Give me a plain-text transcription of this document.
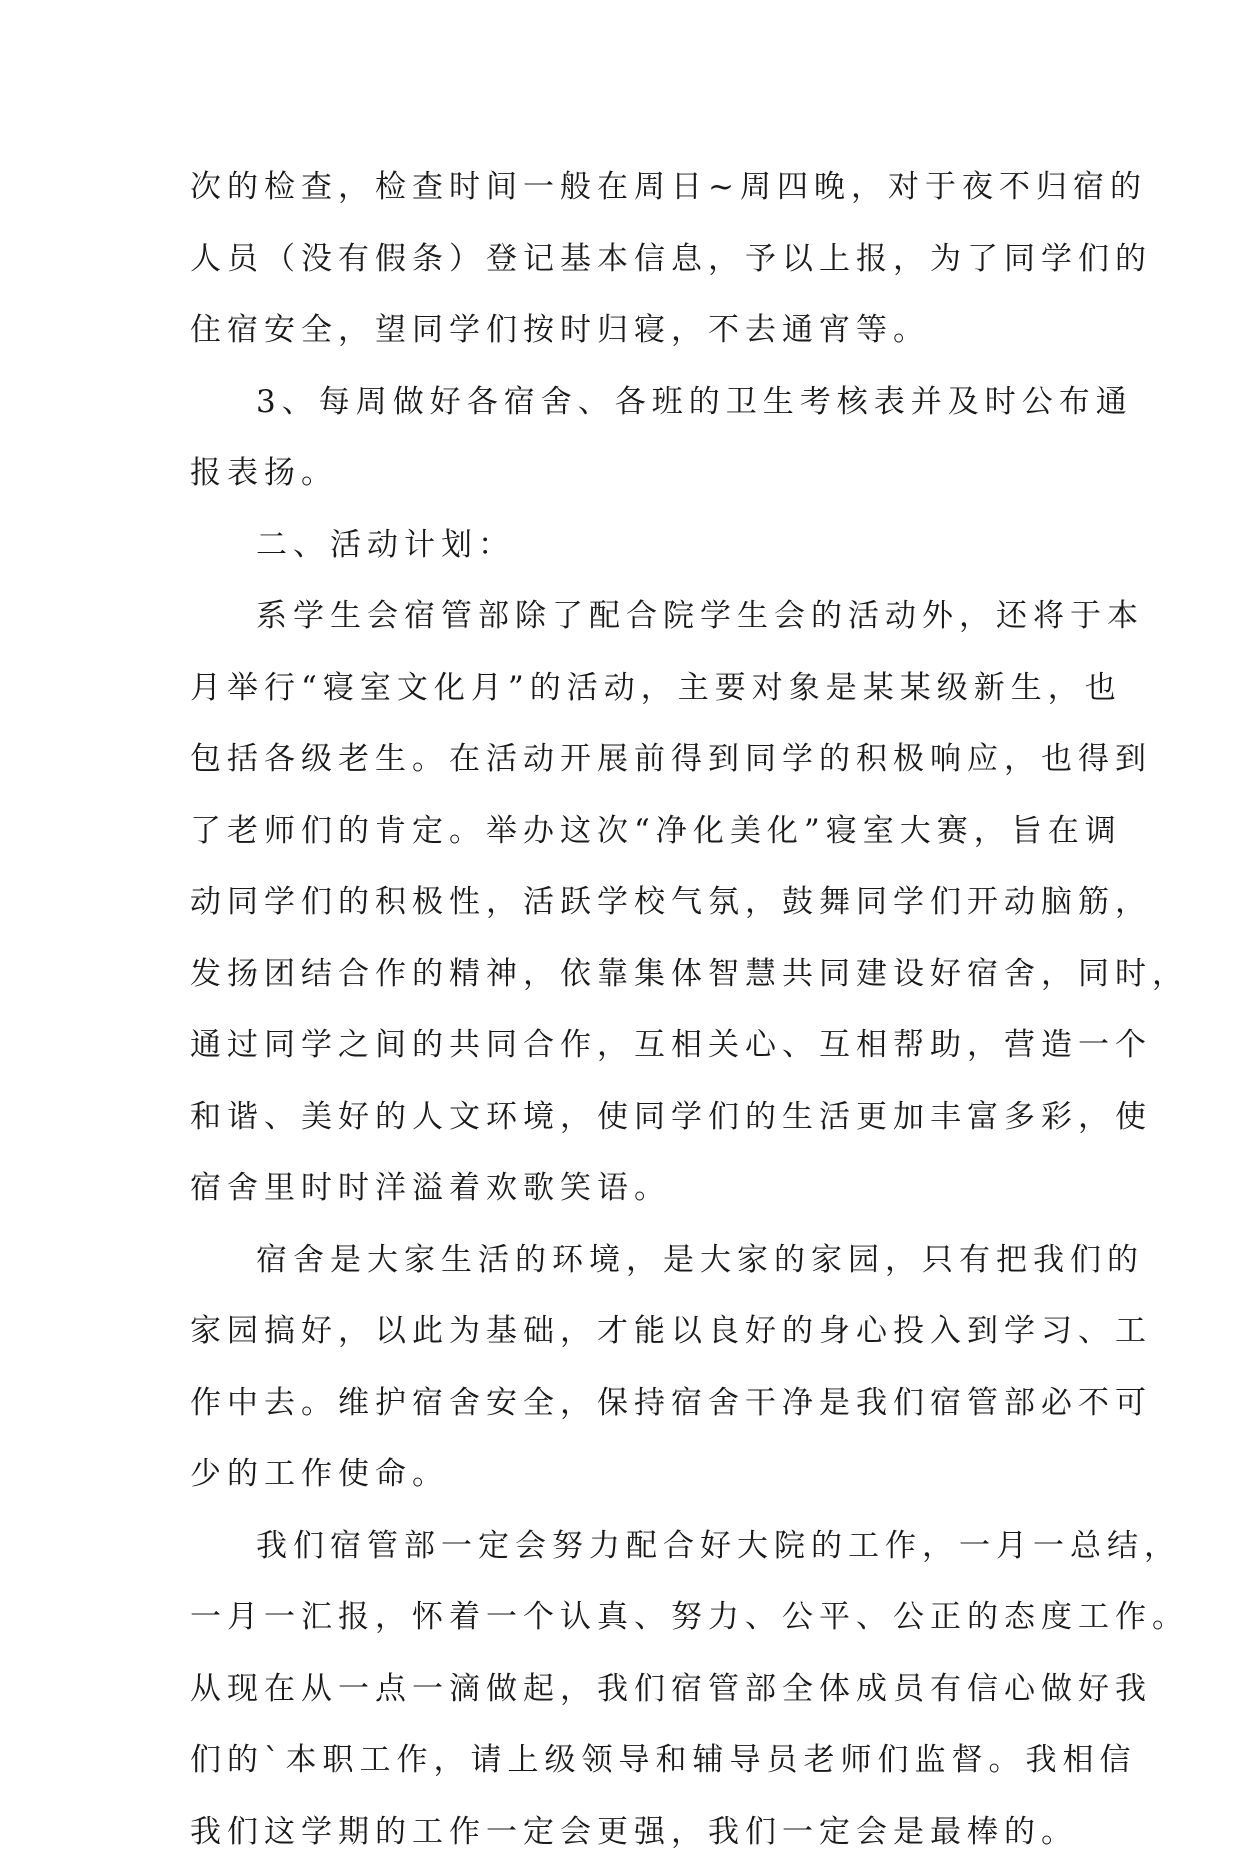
次的检查，检查时间一般在周日~周四晚，对于夜不归宿的
人员（没有假条）登记基本信息，予以上报，为了同学们的
住宿安全，望同学们按时归寝，不去通宵等。
3、每周做好各宿舍、各班的卫生考核表并及时公布通
报表扬。
二、活动计划：
系学生会宿管部除了配合院学生会的活动外，还将于本
月举行“寝室文化月”的活动，主要对象是某某级新生，也
包括各级老生。在活动开展前得到同学的积极响应，也得到
了老师们的肯定。举办这次“净化美化”寝室大赛，旨在调
动同学们的积极性，活跃学校气氛，鼓舞同学们开动脑筋，
发扬团结合作的精神，依靠集体智慧共同建设好宿舍，同时，
通过同学之间的共同合作，互相关心、互相帮助，营造一个
和谐、美好的人文环境，使同学们的生活更加丰富多彩，使
宿舍里时时洋溢着欢歌笑语。
宿舍是大家生活的环境，是大家的家园，只有把我们的
家园搞好，以此为基础，才能以良好的身心投入到学习、工
作中去。维护宿舍安全，保持宿舍干净是我们宿管部必不可
少的工作使命。
我们宿管部一定会努力配合好大院的工作，一月一总结，
一月一汇报，怀着一个认真、努力、公平、公正的态度工作。
从现在从一点一滴做起，我们宿管部全体成员有信心做好我
们的`本职工作，请上级领导和辅导员老师们监督。我相信
我们这学期的工作一定会更强，我们一定会是最棒的。
